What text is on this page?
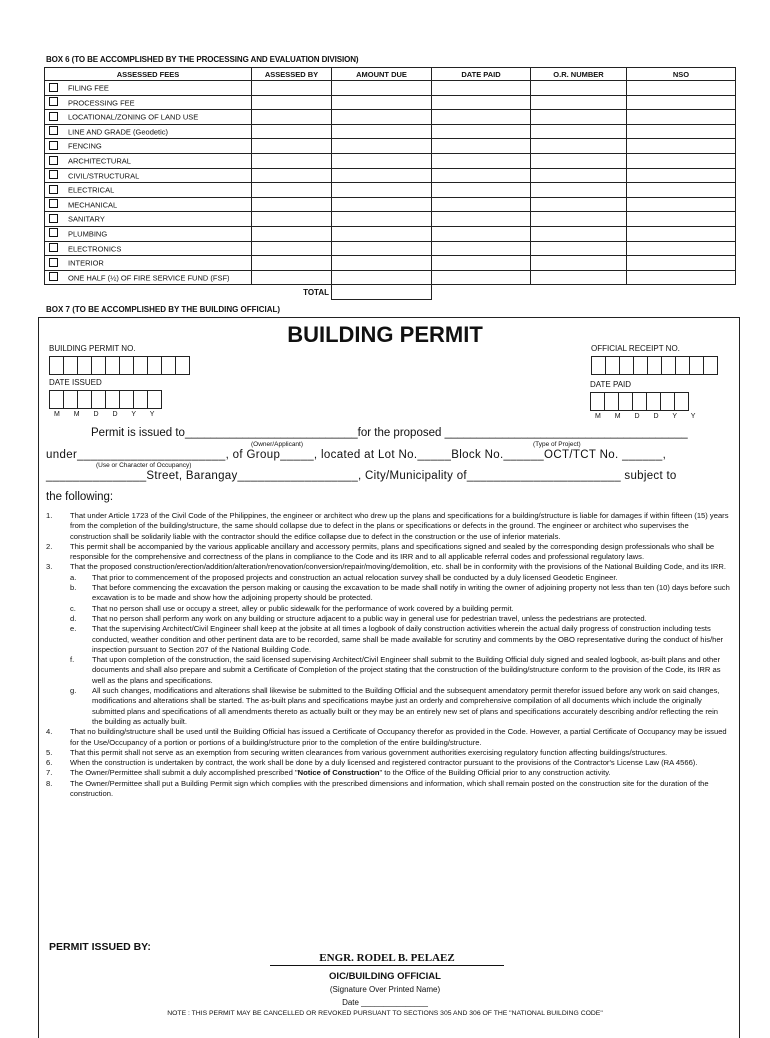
BOX 6 (TO BE ACCOMPLISHED BY THE PROCESSING AND EVALUATION DIVISION)
ASSESSED FEES	ASSESSED BY	AMOUNT DUE	DATE PAID	O.R. NUMBER	NSO
FILING FEE					
PROCESSING FEE					
LOCATIONAL/ZONING OF LAND USE					
LINE AND GRADE (Geodetic)					
FENCING					
ARCHITECTURAL					
CIVIL/STRUCTURAL					
ELECTRICAL					
MECHANICAL					
SANITARY					
PLUMBING					
ELECTRONICS					
INTERIOR					
ONE HALF (½) OF FIRE SERVICE FUND (FSF)					
	TOTAL				
BOX 7 (TO BE ACCOMPLISHED BY THE BUILDING OFFICIAL)
BUILDING PERMIT
BUILDING PERMIT NO.	OFFICIAL RECEIPT NO.
DATE ISSUED
M M D D Y Y
DATE PAID
M M D D Y Y
Permit is issued to___________________________for the proposed ______________________________________
(Owner/Applicant)	(Type of Project)
under______________________, of Group_____, located at Lot No._____Block No.______OCT/TCT No. ______,
(Use or Character of Occupancy)
_______________Street, Barangay__________________, City/Municipality of_______________________ subject to
the following:
1. That under Article 1723 of the Civil Code of the Philippines, the engineer or architect who drew up the plans and specifications for a building/structure is liable for damages if within fifteen (15) years from the completion of the building/structure, the same should collapse due to defect in the plans or specifications or defects in the ground. The engineer or architect who supervises the construction shall be solidarily liable with the contractor should the edifice collapse due to defect in the construction or the use of inferior materials.
2. This permit shall be accompanied by the various applicable ancillary and accessory permits, plans and specifications signed and sealed by the corresponding design professionals who shall be responsible for the comprehensive and correctness of the plans in compliance to the Code and its IRR and to all applicable referral codes and professional regulatory laws.
3. That the proposed construction/erection/addition/alteration/renovation/conversion/repair/moving/demolition, etc. shall be in conformity with the provisions of the National Building Code, and its IRR.
a. That prior to commencement of the proposed projects and construction an actual relocation survey shall be conducted by a duly licensed Geodetic Engineer.
b. That before commencing the excavation the person making or causing the excavation to be made shall notify in writing the owner of adjoining property not less than ten (10) days before such excavation is to be made and show how the adjoining property should be protected.
c. That no person shall use or occupy a street, alley or public sidewalk for the performance of work covered by a building permit.
d. That no person shall perform any work on any building or structure adjacent to a public way in general use for pedestrian travel, unless the pedestrians are protected.
e. That the supervising Architect/Civil Engineer shall keep at the jobsite at all times a logbook of daily construction activities wherein the actual daily progress of construction including tests conducted, weather condition and other pertinent data are to be recorded, same shall be made available for scrutiny and comments by the OBO representative during the conduct of his/her inspection pursuant to Section 207 of the National Building Code.
f. That upon completion of the construction, the said licensed supervising Architect/Civil Engineer shall submit to the Building Official duly signed and sealed logbook, as-built plans and other documents and shall also prepare and submit a Certificate of Completion of the project stating that the construction of the building/structure conform to the provision of the Code, its IRR as well as the plans and specifications.
g. All such changes, modifications and alterations shall likewise be submitted to the Building Official and the subsequent amendatory permit therefor issued before any work on said changes, modifications and alterations shall be started. The as-built plans and specifications maybe just an orderly and comprehensive compilation of all documents which include the originally submitted plans and specifications of all amendments thereto as actually built or they may be an entirely new set of plans and specifications accurately describing and/or reflecting the rein the building as actually built.
4. That no building/structure shall be used until the Building Official has issued a Certificate of Occupancy therefor as provided in the Code. However, a partial Certificate of Occupancy may be issued for the Use/Occupancy of a portion or portions of a building/structure prior to the completion of the entire building/structure.
5. That this permit shall not serve as an exemption from securing written clearances from various government authorities exercising regulatory function affecting buildings/structures.
6. When the construction is undertaken by contract, the work shall be done by a duly licensed and registered contractor pursuant to the provisions of the Contractor's License Law (RA 4566).
7. The Owner/Permittee shall submit a duly accomplished prescribed "Notice of Construction" to the Office of the Building Official prior to any construction activity.
8. The Owner/Permittee shall put a Building Permit sign which complies with the prescribed dimensions and information, which shall remain posted on the construction site for the duration of the construction.
PERMIT ISSUED BY:
ENGR. RODEL B. PELAEZ
OIC/BUILDING OFFICIAL
(Signature Over Printed Name)
Date _______________
NOTE : THIS PERMIT MAY BE CANCELLED OR REVOKED PURSUANT TO SECTIONS 305 AND 306 OF THE "NATIONAL BUILDING CODE"
